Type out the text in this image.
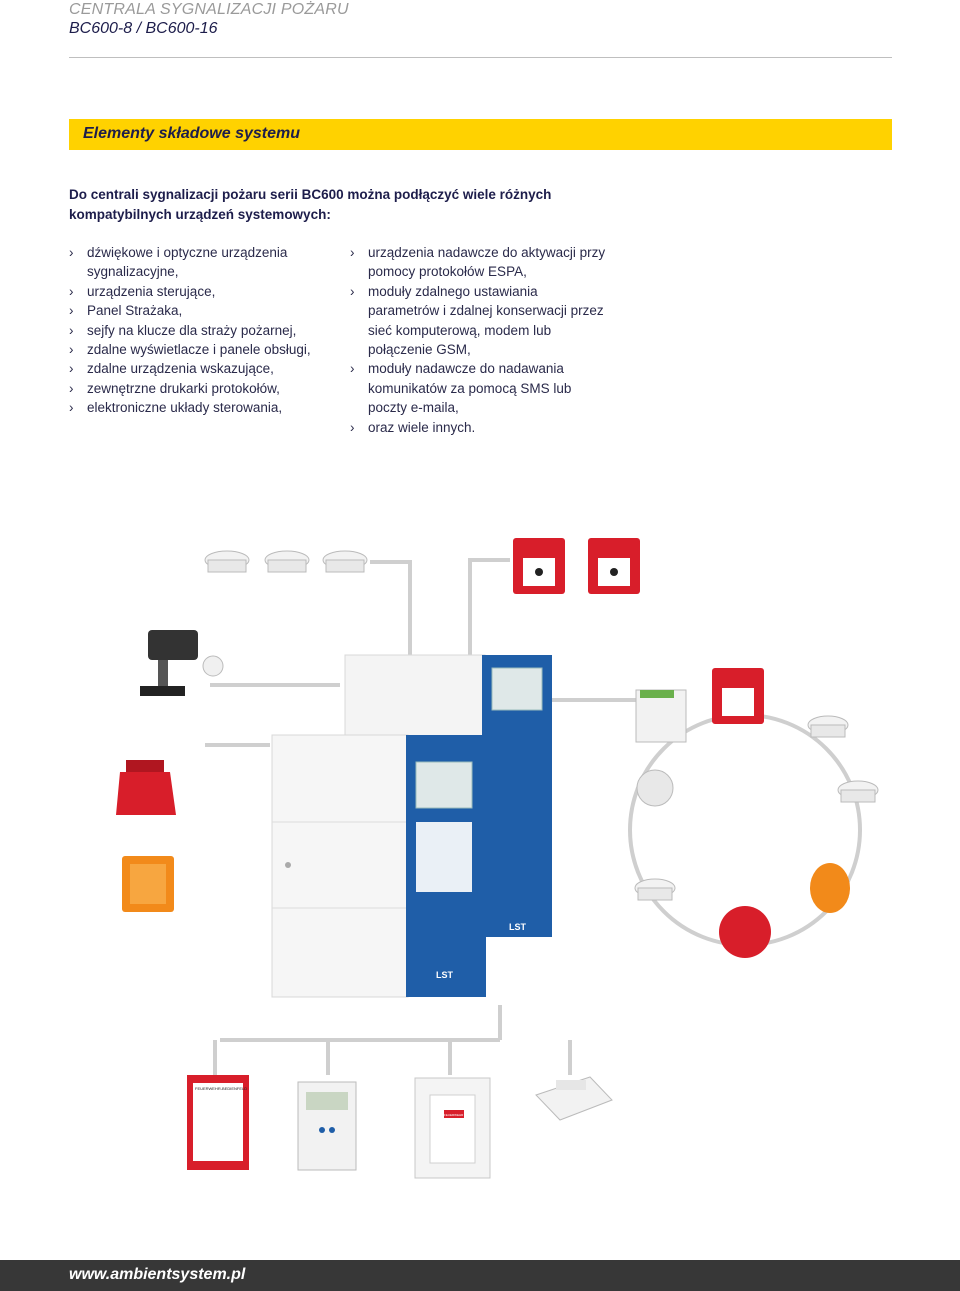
CENTRALA SYGNALIZACJI POŻARU
BC600-8 / BC600-16
Elementy składowe systemu
Do centrali sygnalizacji pożaru serii BC600 można podłączyć wiele różnych kompatybilnych urządzeń systemowych:
› dźwiękowe i optyczne urządzenia sygnalizacyjne,
› urządzenia sterujące,
› Panel Strażaka,
› sejfy na klucze dla straży pożarnej,
› zdalne wyświetlacze i panele obsługi,
› zdalne urządzenia wskazujące,
› zewnętrzne drukarki protokołów,
› elektroniczne układy sterowania,
› urządzenia nadawcze do aktywacji przy pomocy protokołów ESPA,
› moduły zdalnego ustawiania parametrów i zdalnej konserwacji przez sieć komputerową, modem lub połączenie GSM,
› moduły nadawcze do nadawania komunikatów za pomocą SMS lub poczty e-maila,
› oraz wiele innych.
LST
LST
FEUERWEHR-BEDIENFELD
FEUERWEHR
www.ambientsystem.pl
